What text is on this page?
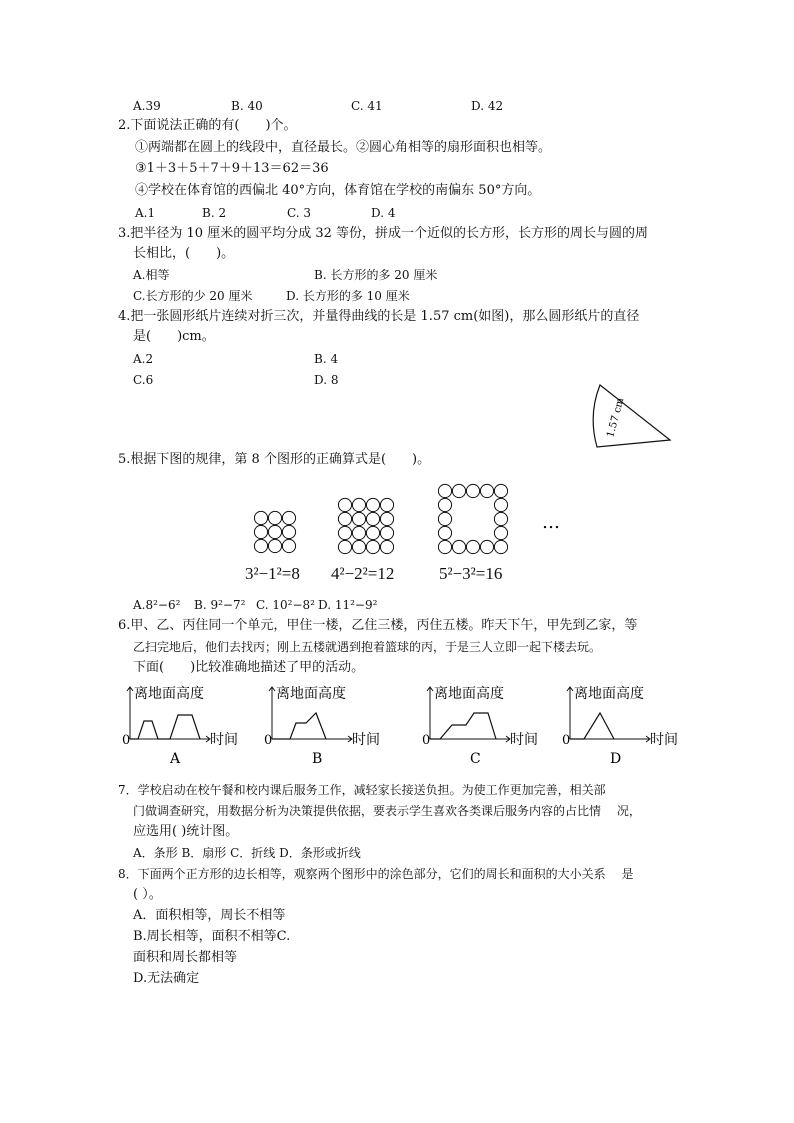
A.39	B. 40	C. 41	D. 42
2.下面说法正确的有(　　)个。
①两端都在圆上的线段中，直径最长。②圆心角相等的扇形面积也相等。
③1＋3＋5＋7＋9＋13＝62＝36
④学校在体育馆的西偏北 40°方向，体育馆在学校的南偏东 50°方向。
A.1	B. 2	C. 3	D. 4
3.把半径为 10 厘米的圆平均分成 32 等份，拼成一个近似的长方形，长方形的周长与圆的周
长相比，(　　)。
A.相等	B. 长方形的多 20 厘米
C.长方形的少 20 厘米	D. 长方形的多 10 厘米
4.把一张圆形纸片连续对折三次，并量得曲线的长是 1.57 cm(如图)，那么圆形纸片的直径
是(　　)cm。
A.2	B. 4
C.6	D. 8
1.57 cm
5.根据下图的规律，第 8 个图形的正确算式是(　　)。
…
3²−1²=8 4²−2²=12	5²−3²=16
A.8²−6² B. 9²−7² C. 10²−8² D. 11²−9²
6.甲、乙、丙住同一个单元，甲住一楼，乙住三楼，丙住五楼。昨天下午，甲先到乙家，等
乙扫完地后，他们去找丙；刚上五楼就遇到抱着篮球的丙，于是三人立即一起下楼去玩。
下面(　　)比较准确地描述了甲的活动。
离地面高度
时间
0
A
离地面高度
时间
0
B
离地面高度
时间
0
C
离地面高度
时间
0
D
7．学校启动在校午餐和校内课后服务工作，减轻家长接送负担。为使工作更加完善，相关部
门做调查研究，用数据分析为决策提供依据，要表示学生喜欢各类课后服务内容的占比情　 况，
应选用( )统计图。
A．条形 B．扇形 C．折线 D．条形或折线
8．下面两个正方形的边长相等，观察两个图形中的涂色部分，它们的周长和面积的大小关系　 是
( ）。
A．面积相等，周长不相等
B.周长相等，面积不相等C.
面积和周长都相等
D.无法确定
